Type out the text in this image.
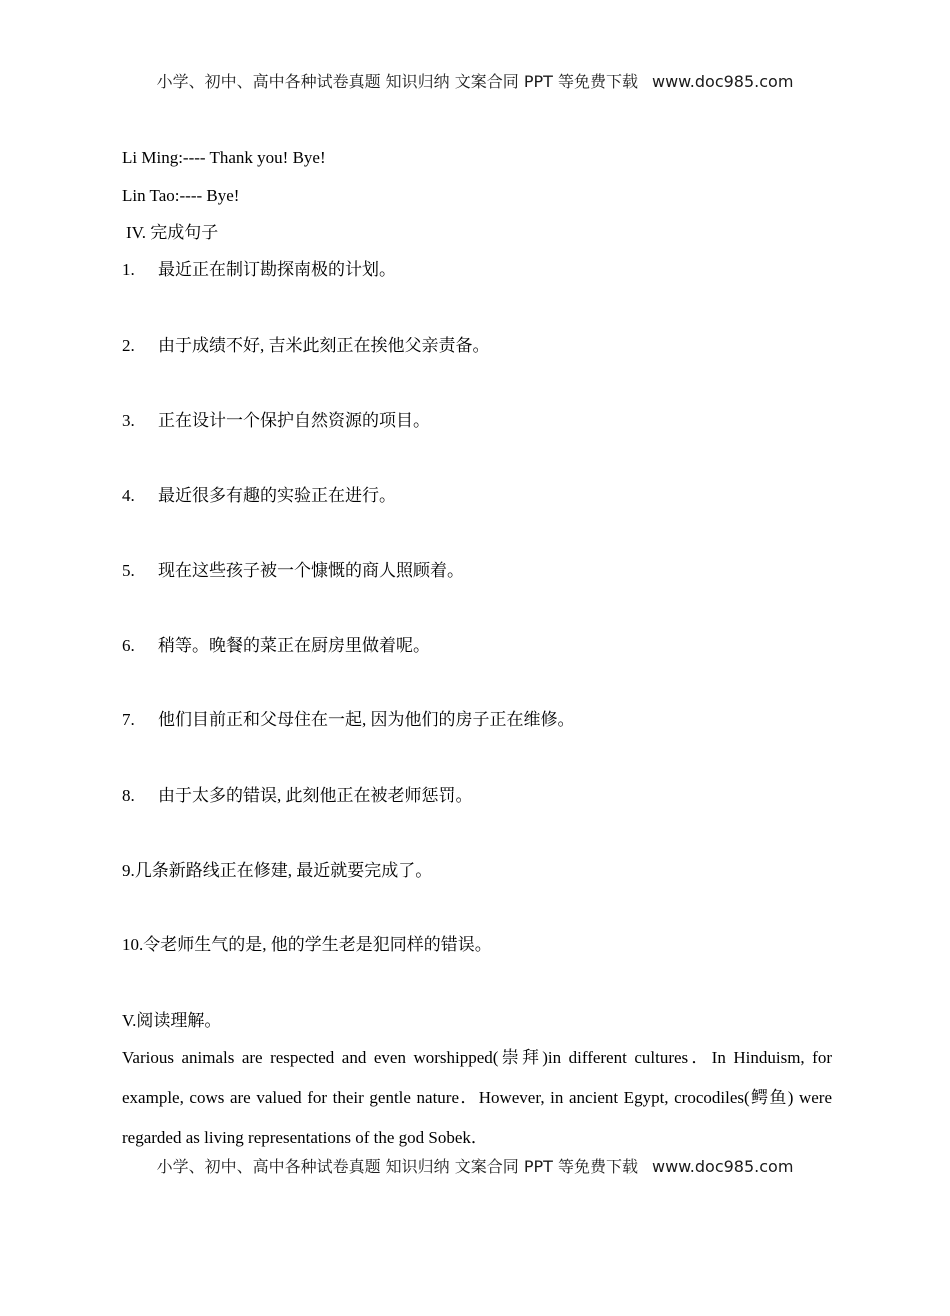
小学、初中、高中各种试卷真题 知识归纳 文案合同 PPT 等免费下载 www.doc985.com
Li Ming:---- Thank you! Bye!
Lin Tao:---- Bye!
IV. 完成句子
1. 最近正在制订勘探南极的计划。
2. 由于成绩不好, 吉米此刻正在挨他父亲责备。
3. 正在设计一个保护自然资源的项目。
4. 最近很多有趣的实验正在进行。
5. 现在这些孩子被一个慷慨的商人照顾着。
6. 稍等。晚餐的菜正在厨房里做着呢。
7. 他们目前正和父母住在一起, 因为他们的房子正在维修。
8. 由于太多的错误, 此刻他正在被老师惩罚。
9.几条新路线正在修建, 最近就要完成了。
10.令老师生气的是, 他的学生老是犯同样的错误。
V.阅读理解。
Various animals are respected and even worshipped(崇拜)in different cultures．In Hinduism, for example, cows are valued for their gentle nature．However, in ancient Egypt, crocodiles(鳄鱼) were regarded as living representations of the god Sobek．
小学、初中、高中各种试卷真题 知识归纳 文案合同 PPT 等免费下载 www.doc985.com
